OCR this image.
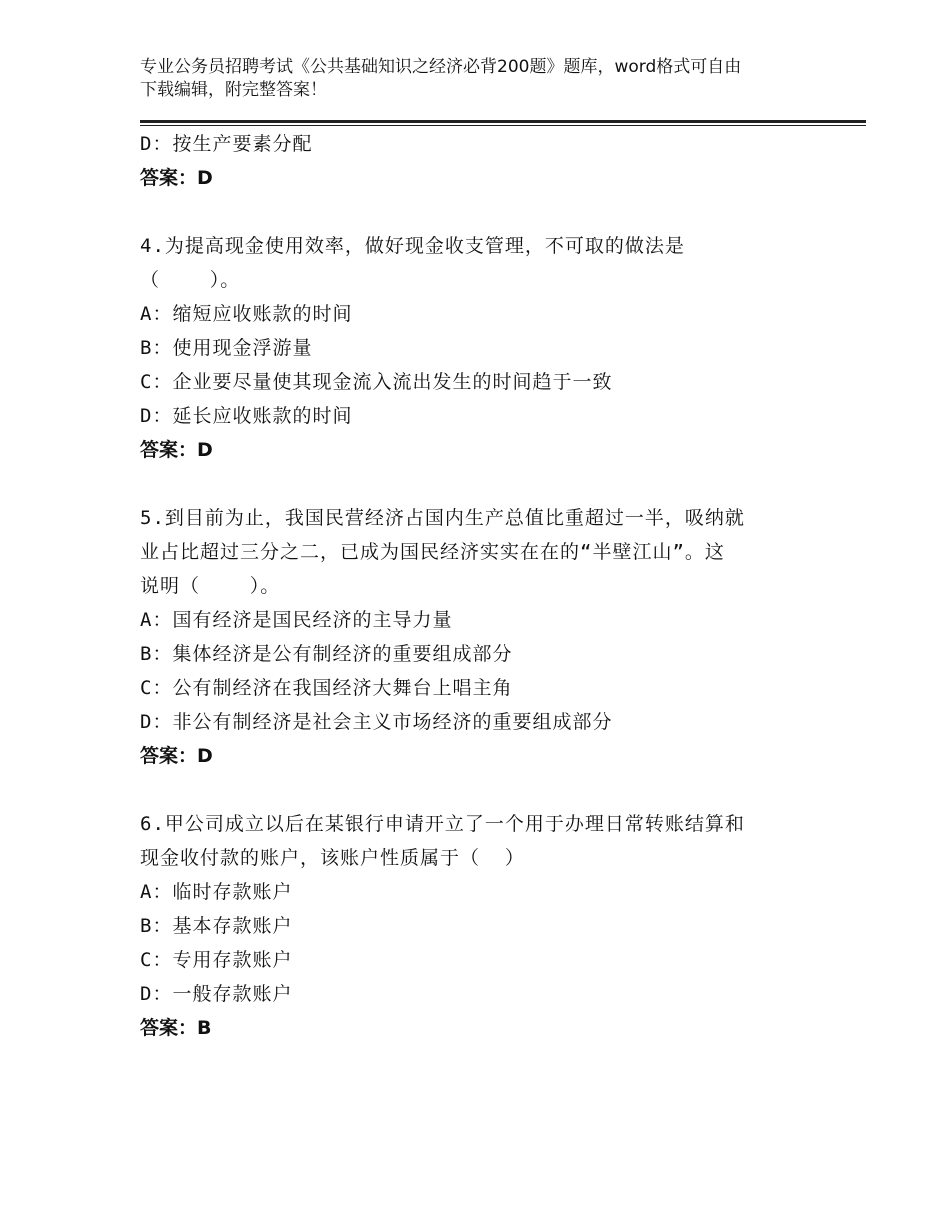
专业公务员招聘考试《公共基础知识之经济必背200题》题库，word格式可自由
下载编辑，附完整答案！
D：按生产要素分配
答案：D
4.为提高现金使用效率，做好现金收支管理，不可取的做法是
（    ）。
A：缩短应收账款的时间
B：使用现金浮游量
C：企业要尽量使其现金流入流出发生的时间趋于一致
D：延长应收账款的时间
答案：D
5.到目前为止，我国民营经济占国内生产总值比重超过一半，吸纳就
业占比超过三分之二，已成为国民经济实实在在的“半壁江山”。这
说明（    ）。
A：国有经济是国民经济的主导力量
B：集体经济是公有制经济的重要组成部分
C：公有制经济在我国经济大舞台上唱主角
D：非公有制经济是社会主义市场经济的重要组成部分
答案：D
6.甲公司成立以后在某银行申请开立了一个用于办理日常转账结算和
现金收付款的账户，该账户性质属于（  ）
A：临时存款账户
B：基本存款账户
C：专用存款账户
D：一般存款账户
答案：B
